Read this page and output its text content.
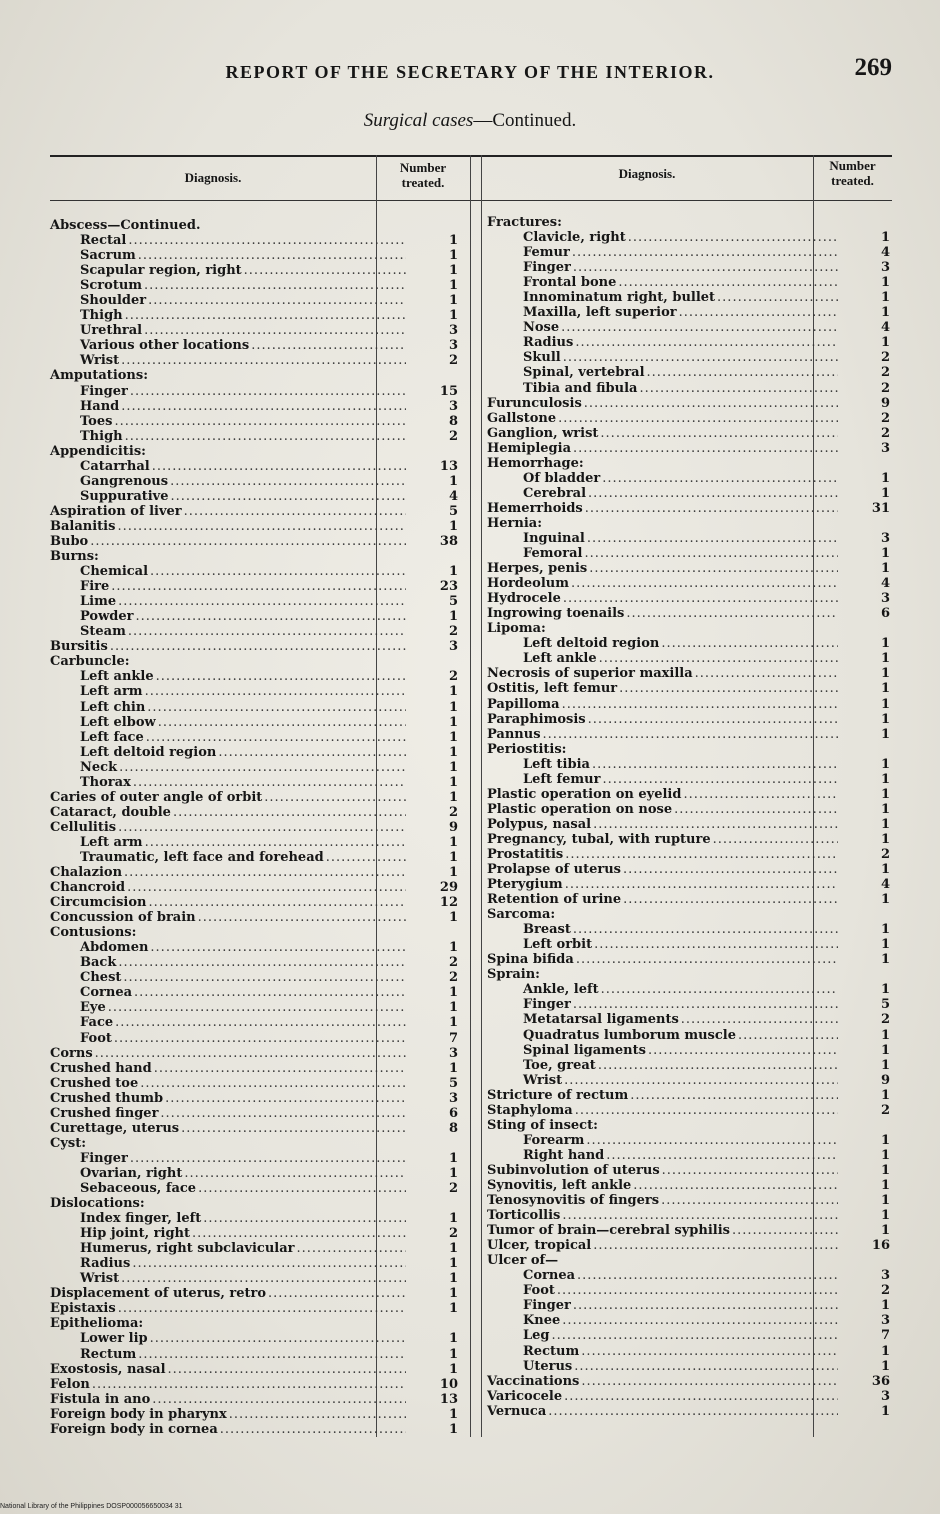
REPORT OF THE SECRETARY OF THE INTERIOR.	269
Surgical cases—Continued.
Diagnosis.
Number
treated.
Diagnosis.
Number
treated.
Abscess—Continued.
Rectal .....	1
Sacrum .....	1
Scapular region, right .....	1
Scrotum .....	1
Shoulder .....	1
Thigh .....	1
Urethral .....	3
Various other locations .....	3
Wrist .....	2
Amputations:
Finger .....	15
Hand .....	3
Toes .....	8
Thigh .....	2
Appendicitis:
Catarrhal .....	13
Gangrenous .....	1
Suppurative .....	4
Aspiration of liver .....	5
Balanitis .....	1
Bubo .....	38
Burns:
Chemical .....	1
Fire .....	23
Lime .....	5
Powder .....	1
Steam .....	2
Bursitis .....	3
Carbuncle:
Left ankle .....	2
Left arm .....	1
Left chin .....	1
Left elbow .....	1
Left face .....	1
Left deltoid region .....	1
Neck .....	1
Thorax .....	1
Caries of outer angle of orbit .....	1
Cataract, double .....	2
Cellulitis .....	9
Left arm .....	1
Traumatic, left face and forehead .....	1
Chalazion .....	1
Chancroid .....	29
Circumcision .....	12
Concussion of brain .....	1
Contusions:
Abdomen .....	1
Back .....	2
Chest .....	2
Cornea .....	1
Eye .....	1
Face .....	1
Foot .....	7
Corns .....	3
Crushed hand .....	1
Crushed toe .....	5
Crushed thumb .....	3
Crushed finger .....	6
Curettage, uterus .....	8
Cyst:
Finger .....	1
Ovarian, right .....	1
Sebaceous, face .....	2
Dislocations:
Index finger, left .....	1
Hip joint, right .....	2
Humerus, right subclavicular .....	1
Radius .....	1
Wrist .....	1
Displacement of uterus, retro .....	1
Epistaxis .....	1
Epithelioma:
Lower lip .....	1
Rectum .....	1
Exostosis, nasal .....	1
Felon .....	10
Fistula in ano .....	13
Foreign body in pharynx .....	1
Foreign body in cornea .....	1
Fractures:
Clavicle, right .....	1
Femur .....	4
Finger .....	3
Frontal bone .....	1
Innominatum right, bullet .....	1
Maxilla, left superior .....	1
Nose .....	4
Radius .....	1
Skull .....	2
Spinal, vertebral .....	2
Tibia and fibula .....	2
Furunculosis .....	9
Gallstone .....	2
Ganglion, wrist .....	2
Hemiplegia .....	3
Hemorrhage:
Of bladder .....	1
Cerebral .....	1
Hemerrhoids .....	31
Hernia:
Inguinal .....	3
Femoral .....	1
Herpes, penis .....	1
Hordeolum .....	4
Hydrocele .....	3
Ingrowing toenails .....	6
Lipoma:
Left deltoid region .....	1
Left ankle .....	1
Necrosis of superior maxilla .....	1
Ostitis, left femur .....	1
Papilloma .....	1
Paraphimosis .....	1
Pannus .....	1
Periostitis:
Left tibia .....	1
Left femur .....	1
Plastic operation on eyelid .....	1
Plastic operation on nose .....	1
Polypus, nasal .....	1
Pregnancy, tubal, with rupture .....	1
Prostatitis .....	2
Prolapse of uterus .....	1
Pterygium .....	4
Retention of urine .....	1
Sarcoma:
Breast .....	1
Left orbit .....	1
Spina bifida .....	1
Sprain:
Ankle, left .....	1
Finger .....	5
Metatarsal ligaments .....	2
Quadratus lumborum muscle .....	1
Spinal ligaments .....	1
Toe, great .....	1
Wrist .....	9
Stricture of rectum .....	1
Staphyloma .....	2
Sting of insect:
Forearm .....	1
Right hand .....	1
Subinvolution of uterus .....	1
Synovitis, left ankle .....	1
Tenosynovitis of fingers .....	1
Torticollis .....	1
Tumor of brain—cerebral syphilis .....	1
Ulcer, tropical .....	16
Ulcer of—
Cornea .....	3
Foot .....	2
Finger .....	1
Knee .....	3
Leg .....	7
Rectum .....	1
Uterus .....	1
Vaccinations .....	36
Varicocele .....	3
Vernuca .....	1
National Library of the Philippines DOSP000056650034 31
